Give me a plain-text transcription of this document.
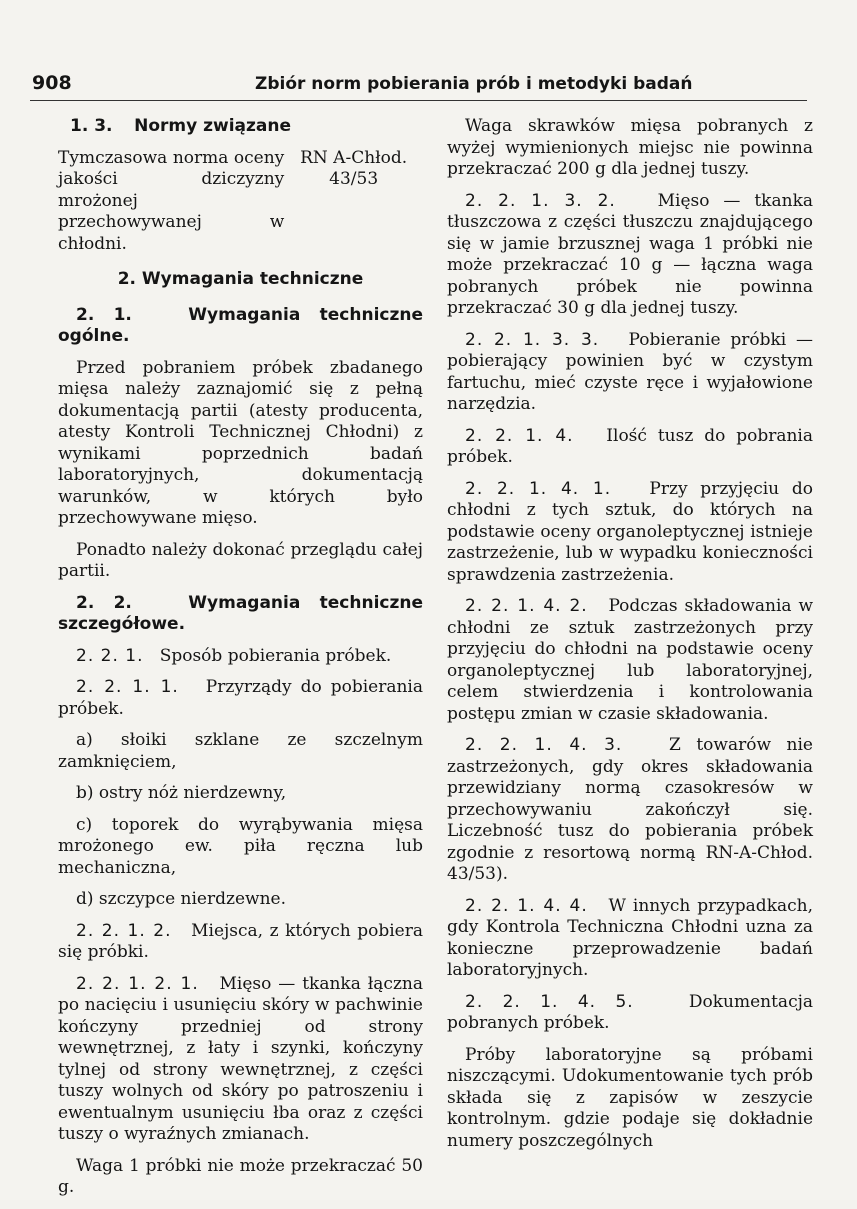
908	Zbiór norm pobierania prób i metodyki badań

1. 3. Normy związane

Tymczasowa norma oceny jakości dziczyzny mrożonej przechowywanej w chłodni.	RN A-Chłod. 43/53

2. Wymagania techniczne

2. 1.	Wymagania techniczne ogólne.

Przed pobraniem próbek zbadanego mięsa należy zaznajomić się z pełną dokumentacją partii (atesty producenta, atesty Kontroli Technicznej Chłodni) z wynikami poprzednich badań laboratoryjnych, dokumentacją warunków, w których było przechowywane mięso.

Ponadto należy dokonać przeglądu całej partii.

2. 2.	Wymagania techniczne szczegółowe.

2. 2. 1. Sposób pobierania próbek.

2. 2. 1. 1. Przyrządy do pobierania próbek.

a) słoiki szklane ze szczelnym zamknięciem,

b) ostry nóż nierdzewny,

c) toporek do wyrąbywania mięsa mrożonego ew. piła ręczna lub mechaniczna,

d) szczypce nierdzewne.

2. 2. 1. 2. Miejsca, z których pobiera się próbki.

2. 2. 1. 2. 1. Mięso — tkanka łączna po nacięciu i usunięciu skóry w pachwinie kończyny przedniej od strony wewnętrznej, z łaty i szynki, kończyny tylnej od strony wewnętrznej, z części tuszy wolnych od skóry po patroszeniu i ewentualnym usunięciu łba oraz z części tuszy o wyraźnych zmianach.

Waga 1 próbki nie może przekraczać 50 g.

Waga skrawków mięsa pobranych z wyżej wymienionych miejsc nie powinna przekraczać 200 g dla jednej tuszy.

2. 2. 1. 3. 2. Mięso — tkanka tłuszczowa z części tłuszczu znajdującego się w jamie brzusznej waga 1 próbki nie może przekraczać 10 g — łączna waga pobranych próbek nie powinna przekraczać 30 g dla jednej tuszy.

2. 2. 1. 3. 3. Pobieranie próbki — pobierający powinien być w czystym fartuchu, mieć czyste ręce i wyjałowione narzędzia.

2. 2. 1. 4. Ilość tusz do pobrania próbek.

2. 2. 1. 4. 1. Przy przyjęciu do chłodni z tych sztuk, do których na podstawie oceny organoleptycznej istnieje zastrzeżenie, lub w wypadku konieczności sprawdzenia zastrzeżenia.

2. 2. 1. 4. 2. Podczas składowania w chłodni ze sztuk zastrzeżonych przy przyjęciu do chłodni na podstawie oceny organoleptycznej lub laboratoryjnej, celem stwierdzenia i kontrolowania postępu zmian w czasie składowania.

2. 2. 1. 4. 3.	Z towarów nie zastrzeżonych, gdy okres składowania przewidziany normą czasokresów w przechowywaniu zakończył się. Liczebność tusz do pobierania próbek zgodnie z resortową normą RN-A-Chłod. 43/53).

2. 2. 1. 4. 4. W innych przypadkach, gdy Kontrola Techniczna Chłodni uzna za konieczne przeprowadzenie badań laboratoryjnych.

2. 2. 1. 4. 5.	Dokumentacja pobranych próbek.

Próby laboratoryjne są próbami niszczącymi. Udokumentowanie tych prób składa się z zapisów w zeszycie kontrolnym. gdzie podaje się dokładnie numery poszczególnych
